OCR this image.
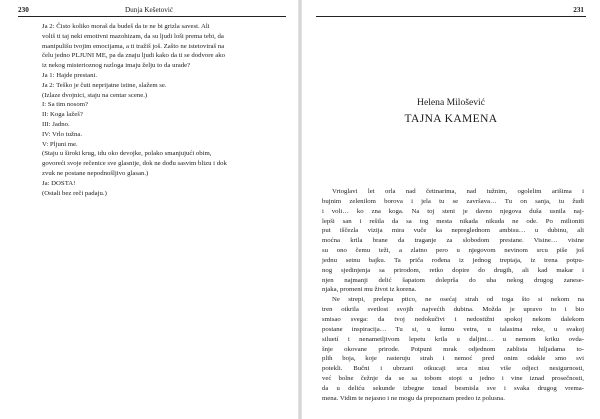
230	Dunja Kešetović
Ja 2: Čisto koliko moraš da budeš da te ne bi grizla savest. Ali
voliš ti taj neki emotivni mazohizam, da su ljudi loši prema tebi, da
manipulišu tvojim emocijama, a ti tražiš još. Zašto ne istetoviraš na
čelu jedno PLJUNI ME, pa da znaju ljudi kako da ti se dodvore ako
iz nekog misterioznog razloga imaju želju to da urade?
Ja 1: Hajde prestani.
Ja 2: Teško je čuti neprijatne istine, slažem se.
(Izlaze dvojnici, staju na centar scene.)
I: Sa tim nosom?
II: Koga lažeš?
III: Jadno.
IV: Vrlo tužna.
V: Pljuni me.
(Staju u široki krug, idu oko devojke, polako smanjujući obim,
govoreći svoje rečenice sve glasnije, dok ne dođu sasvim blizu i dok
zvuk ne postane nepodnošljivo glasan.)
Ja: DOSTA!
(Ostali bez reči padaju.)
231
Helena Milošević
TAJNA KAMENA
Vrtoglavi let orla nad četinarima, nad tužnim, ogolelim arišima i
bujnim zelenilom borova i jela tu se završava… Tu on sanja, tu žudi
i voli… ko zna koga. Na toj steni je davno njegova duša usnila naj-
lepši san i rešila da sa tog mesta nikada nikuda ne ode. Po milioniti
put iščezla vizija mira vuče ka nepreglednom ambisu… u dubinu, ali
moćna krila brane da traganje za slobodom prestane. Visine… visine
su ono čemu teži, a zlatno pero u njegovom nevinom srcu piše još
jednu setnu bajku. Ta priča rođena iz jednog treptaja, iz trena potpu-
nog sjedinjenja sa prirodom, retko dopire do drugih, ali kad makar i
njen najmanji delić šapatom doleprša do uha nekog drugog zanese-
njaka, promeni mu život iz korena.
Ne strepi, prelepa ptico, ne osećaj strah od toga što si nekom na
tren otkrila svetlost svojih najvećih dubina. Možda je upravo to i bio
smisao svega: da tvoj nedokučivi i nedostižni spokoj nekom dalekom
postane inspiracija… Tu si, u šumu vetra, u talasima reke, u svakoj
siluetí i nenametljivom lepetu krila u daljini… u nemom kriku ovda-
šnje okovane prirode. Potpuni mrak odjednom zablista hiljadama to-
plih boja, koje rasteruju strah i nemoć pred onim odakle smo svi
potekli. Bučni i ubrzani otkucaji srca nisu više odjeci nesigurnosti,
već bolne čežnje da se sa tobom stopi u jedno i vine iznad prosečnosti,
da u deliću sekunde izbegne iznad besmisla sve i svaka drugog vrema-
mena. Vidim te nejasno i ne mogu da prepoznam predeo iz polusna.
